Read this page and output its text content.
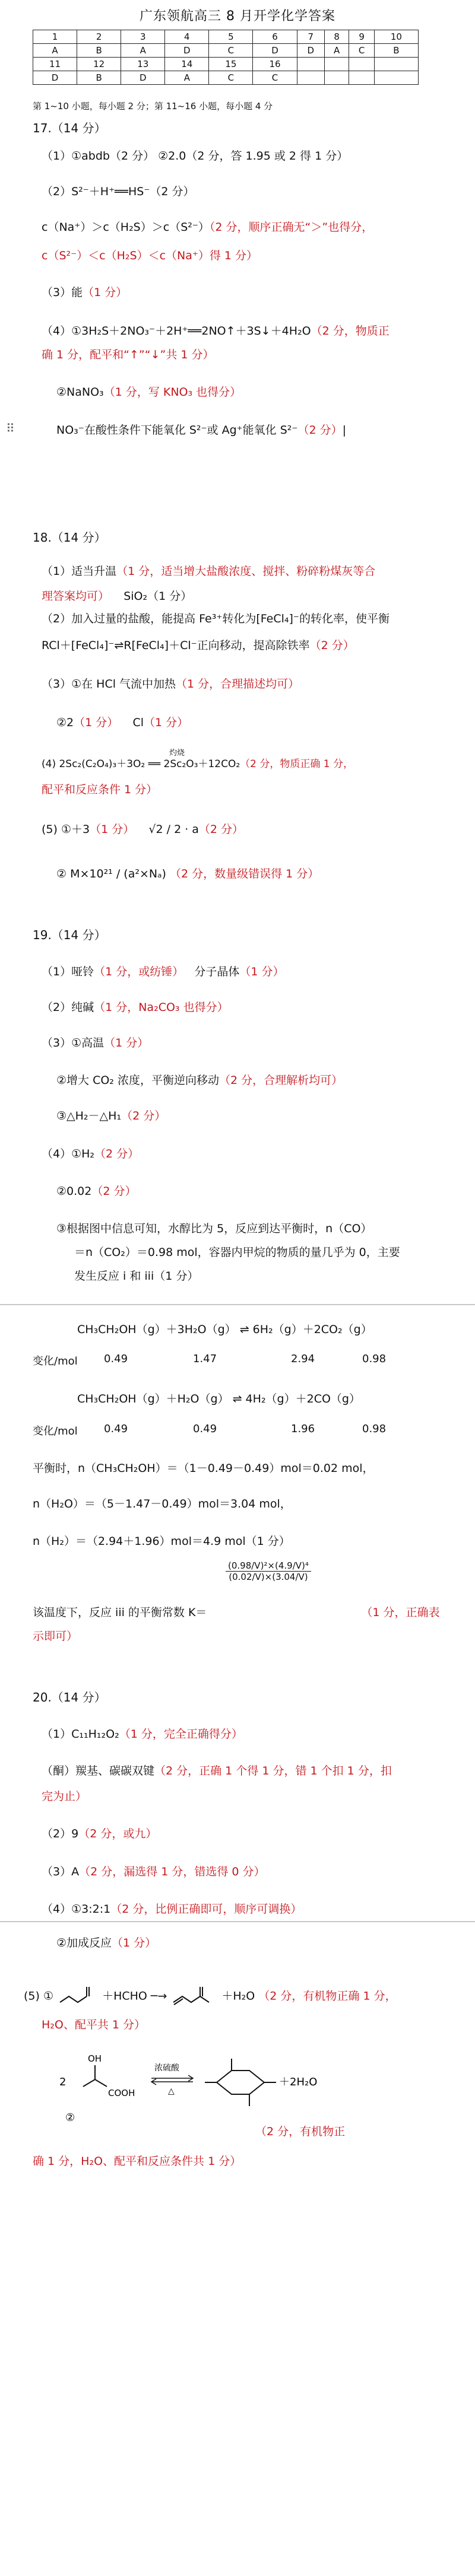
广东领航高三 8 月开学化学答案
1	2	3	4	5	6	7	8	9	10
A	B	A	D	C	D	D	A	C	B
11	12	13	14	15	16				
D	B	D	A	C	C				
第 1~10 小题，每小题 2 分；第 11~16 小题，每小题 4 分
17.（14 分）
（1）①abdb（2 分） ②2.0（2 分，答 1.95 或 2 得 1 分）
（2）S²⁻＋H⁺══HS⁻（2 分）
c（Na⁺）＞c（H₂S）＞c（S²⁻）（2 分，顺序正确无“＞”也得分，
c（S²⁻）＜c（H₂S）＜c（Na⁺）得 1 分）
（3）能（1 分）
（4）①3H₂S＋2NO₃⁻＋2H⁺══2NO↑＋3S↓＋4H₂O（2 分，物质正
确 1 分，配平和“↑”“↓”共 1 分）
②NaNO₃（1 分，写 KNO₃ 也得分）
⠿	NO₃⁻在酸性条件下能氧化 S²⁻或 Ag⁺能氧化 S²⁻（2 分）|
18.（14 分）
（1）适当升温（1 分，适当增大盐酸浓度、搅拌、粉碎粉煤灰等合
理答案均可） SiO₂（1 分）
（2）加入过量的盐酸，能提高 Fe³⁺转化为[FeCl₄]⁻的转化率，使平衡
RCl＋[FeCl₄]⁻⇌R[FeCl₄]＋Cl⁻正向移动，提高除铁率（2 分）
（3）①在 HCl 气流中加热（1 分，合理描述均可）
②2（1 分） Cl（1 分）
灼烧
(4) 2Sc₂(C₂O₄)₃＋3O₂ ══ 2Sc₂O₃＋12CO₂（2 分，物质正确 1 分，
配平和反应条件 1 分）
(5) ①＋3（1 分） √2 / 2 · a（2 分）
② M×10²¹ / (a²×Nₐ) （2 分，数量级错误得 1 分）
19.（14 分）
（1）哑铃（1 分，或纺锤） 分子晶体（1 分）
（2）纯碱（1 分，Na₂CO₃ 也得分）
（3）①高温（1 分）
②增大 CO₂ 浓度，平衡逆向移动（2 分，合理解析均可）
③△H₂－△H₁（2 分）
（4）①H₂（2 分）
②0.02（2 分）
③根据图中信息可知，水醇比为 5，反应到达平衡时，n（CO）
＝n（CO₂）＝0.98 mol，容器内甲烷的物质的量几乎为 0，主要
发生反应 i 和 iii（1 分）
CH₃CH₂OH（g）＋3H₂O（g） ⇌ 6H₂（g）＋2CO₂（g）
变化/mol 0.49	1.47	2.94	0.98
CH₃CH₂OH（g）＋H₂O（g） ⇌ 4H₂（g）＋2CO（g）
变化/mol 0.49	0.49	1.96	0.98
平衡时，n（CH₃CH₂OH）＝（1－0.49－0.49）mol＝0.02 mol，
n（H₂O）＝（5－1.47－0.49）mol＝3.04 mol，
n（H₂）＝（2.94＋1.96）mol＝4.9 mol（1 分）
$\frac{\text{(0.98/V)²×(4.9/V)⁴}}{(0.02/V)\times(3.04/V)}$
该温度下，反应 iii 的平衡常数 K＝	（1 分，正确表
示即可）
20.（14 分）
（1）C₁₁H₁₂O₂（1 分，完全正确得分）
（酮）羰基、碳碳双键（2 分，正确 1 个得 1 分，错 1 个扣 1 分，扣
完为止）
（2）9（2 分，或九）
（3）A（2 分，漏选得 1 分，错选得 0 分）
（4）①3:2:1（2 分，比例正确即可，顺序可调换）
②加成反应（1 分）
(5) ①	＋HCHO ─→	＋H₂O （2 分，有机物正确 1 分，
H₂O、配平共 1 分）
OH
COOH
2
②
浓硫酸
△
＋2H₂O
（2 分，有机物正
确 1 分，H₂O、配平和反应条件共 1 分）
